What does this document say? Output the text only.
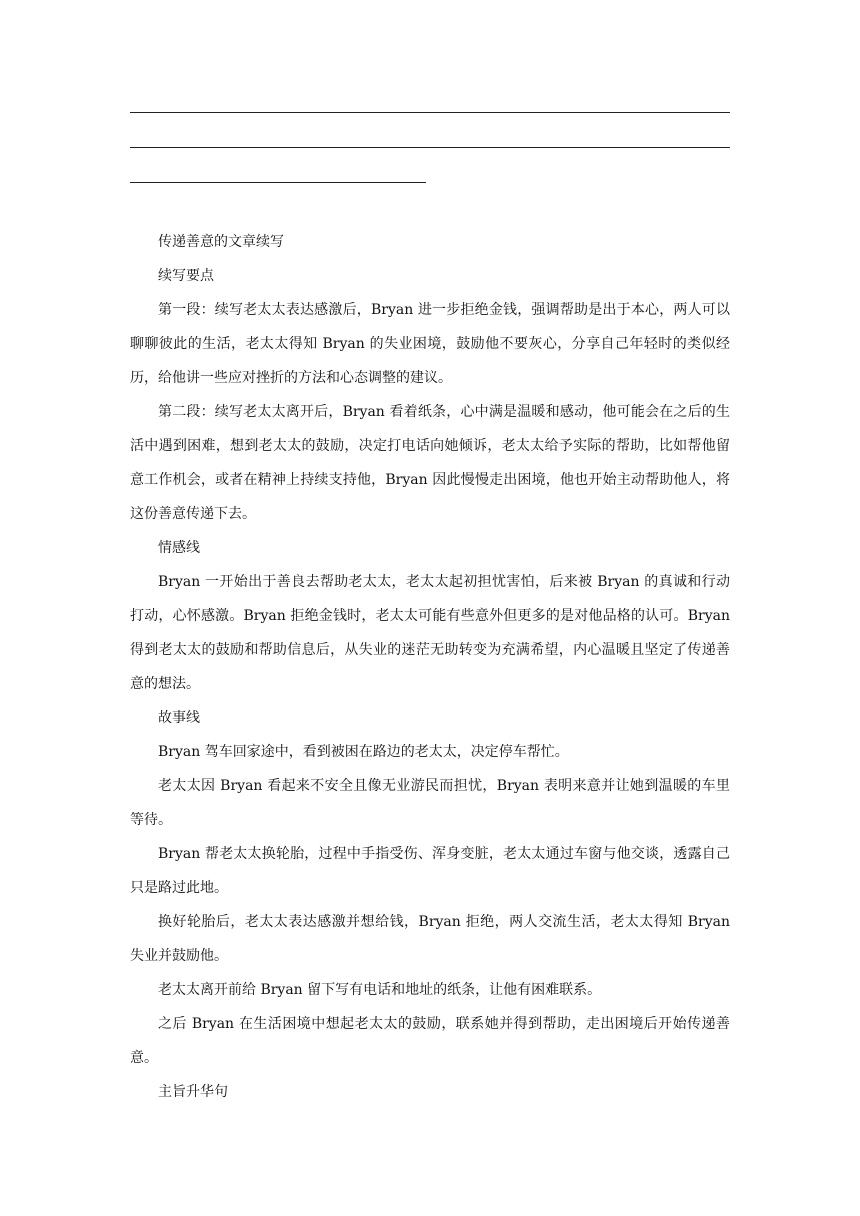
传递善意的文章续写

续写要点

第一段：续写老太太表达感激后，Bryan 进一步拒绝金钱，强调帮助是出于本心，两人可以聊聊彼此的生活，老太太得知 Bryan 的失业困境，鼓励他不要灰心，分享自己年轻时的类似经历，给他讲一些应对挫折的方法和心态调整的建议。

第二段：续写老太太离开后，Bryan 看着纸条，心中满是温暖和感动，他可能会在之后的生活中遇到困难，想到老太太的鼓励，决定打电话向她倾诉，老太太给予实际的帮助，比如帮他留意工作机会，或者在精神上持续支持他，Bryan 因此慢慢走出困境，他也开始主动帮助他人，将这份善意传递下去。

情感线

Bryan 一开始出于善良去帮助老太太，老太太起初担忧害怕，后来被 Bryan 的真诚和行动打动，心怀感激。Bryan 拒绝金钱时，老太太可能有些意外但更多的是对他品格的认可。Bryan 得到老太太的鼓励和帮助信息后，从失业的迷茫无助转变为充满希望，内心温暖且坚定了传递善意的想法。

故事线

Bryan 驾车回家途中，看到被困在路边的老太太，决定停车帮忙。

老太太因 Bryan 看起来不安全且像无业游民而担忧，Bryan 表明来意并让她到温暖的车里等待。

Bryan 帮老太太换轮胎，过程中手指受伤、浑身变脏，老太太通过车窗与他交谈，透露自己只是路过此地。

换好轮胎后，老太太表达感激并想给钱，Bryan 拒绝，两人交流生活，老太太得知 Bryan 失业并鼓励他。

老太太离开前给 Bryan 留下写有电话和地址的纸条，让他有困难联系。

之后 Bryan 在生活困境中想起老太太的鼓励，联系她并得到帮助，走出困境后开始传递善意。

主旨升华句
